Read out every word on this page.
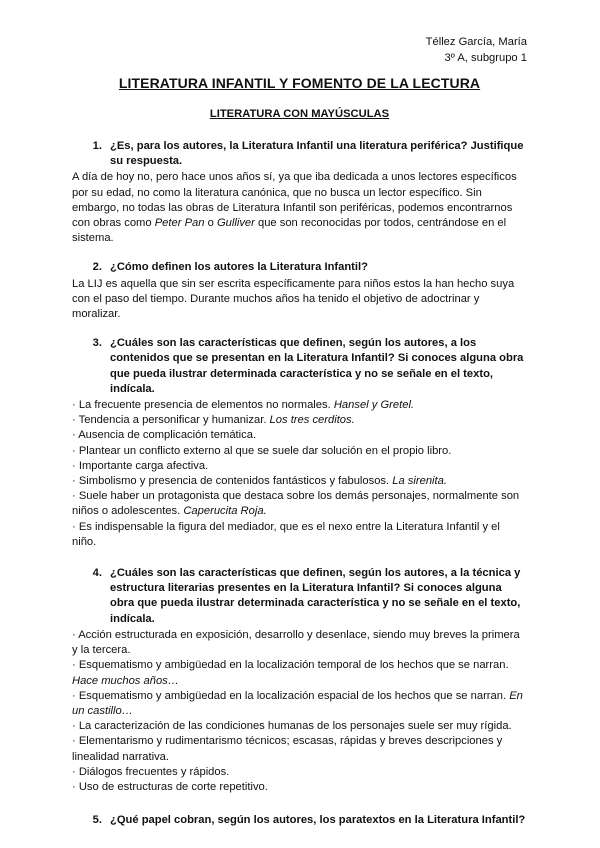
Téllez García, María
3º A, subgrupo 1
LITERATURA INFANTIL Y FOMENTO DE LA LECTURA
LITERATURA CON MAYÚSCULAS
1. ¿Es, para los autores, la Literatura Infantil una literatura periférica? Justifique su respuesta.

A día de hoy no, pero hace unos años sí, ya que iba dedicada a unos lectores específicos por su edad, no como la literatura canónica, que no busca un lector específico. Sin embargo, no todas las obras de Literatura Infantil son periféricas, podemos encontrarnos con obras como Peter Pan o Gulliver que son reconocidas por todos, centrándose en el sistema.

2. ¿Cómo definen los autores la Literatura Infantil?

La LIJ es aquella que sin ser escrita específicamente para niños estos la han hecho suya con el paso del tiempo. Durante muchos años ha tenido el objetivo de adoctrinar y moralizar.

3. ¿Cuáles son las características que definen, según los autores, a los contenidos que se presentan en la Literatura Infantil? Si conoces alguna obra que pueda ilustrar determinada característica y no se señale en el texto, indícala.

· La frecuente presencia de elementos no normales. Hansel y Gretel.

· Tendencia a personificar y humanizar. Los tres cerditos.

· Ausencia de complicación temática.

· Plantear un conflicto externo al que se suele dar solución en el propio libro.

· Importante carga afectiva.

· Simbolismo y presencia de contenidos fantásticos y fabulosos. La sirenita.

· Suele haber un protagonista que destaca sobre los demás personajes, normalmente son niños o adolescentes. Caperucita Roja.

· Es indispensable la figura del mediador, que es el nexo entre la Literatura Infantil y el niño.

4. ¿Cuáles son las características que definen, según los autores, a la técnica y estructura literarias presentes en la Literatura Infantil? Si conoces alguna obra que pueda ilustrar determinada característica y no se señale en el texto, indícala.

· Acción estructurada en exposición, desarrollo y desenlace, siendo muy breves la primera y la tercera.

· Esquematismo y ambigüedad en la localización temporal de los hechos que se narran. Hace muchos años…

· Esquematismo y ambigüedad en la localización espacial de los hechos que se narran. En un castillo…

· La caracterización de las condiciones humanas de los personajes suele ser muy rígida.

· Elementarismo y rudimentarismo técnicos; escasas, rápidas y breves descripciones y linealidad narrativa.

· Diálogos frecuentes y rápidos.

· Uso de estructuras de corte repetitivo.

5. ¿Qué papel cobran, según los autores, los paratextos en la Literatura Infantil?
